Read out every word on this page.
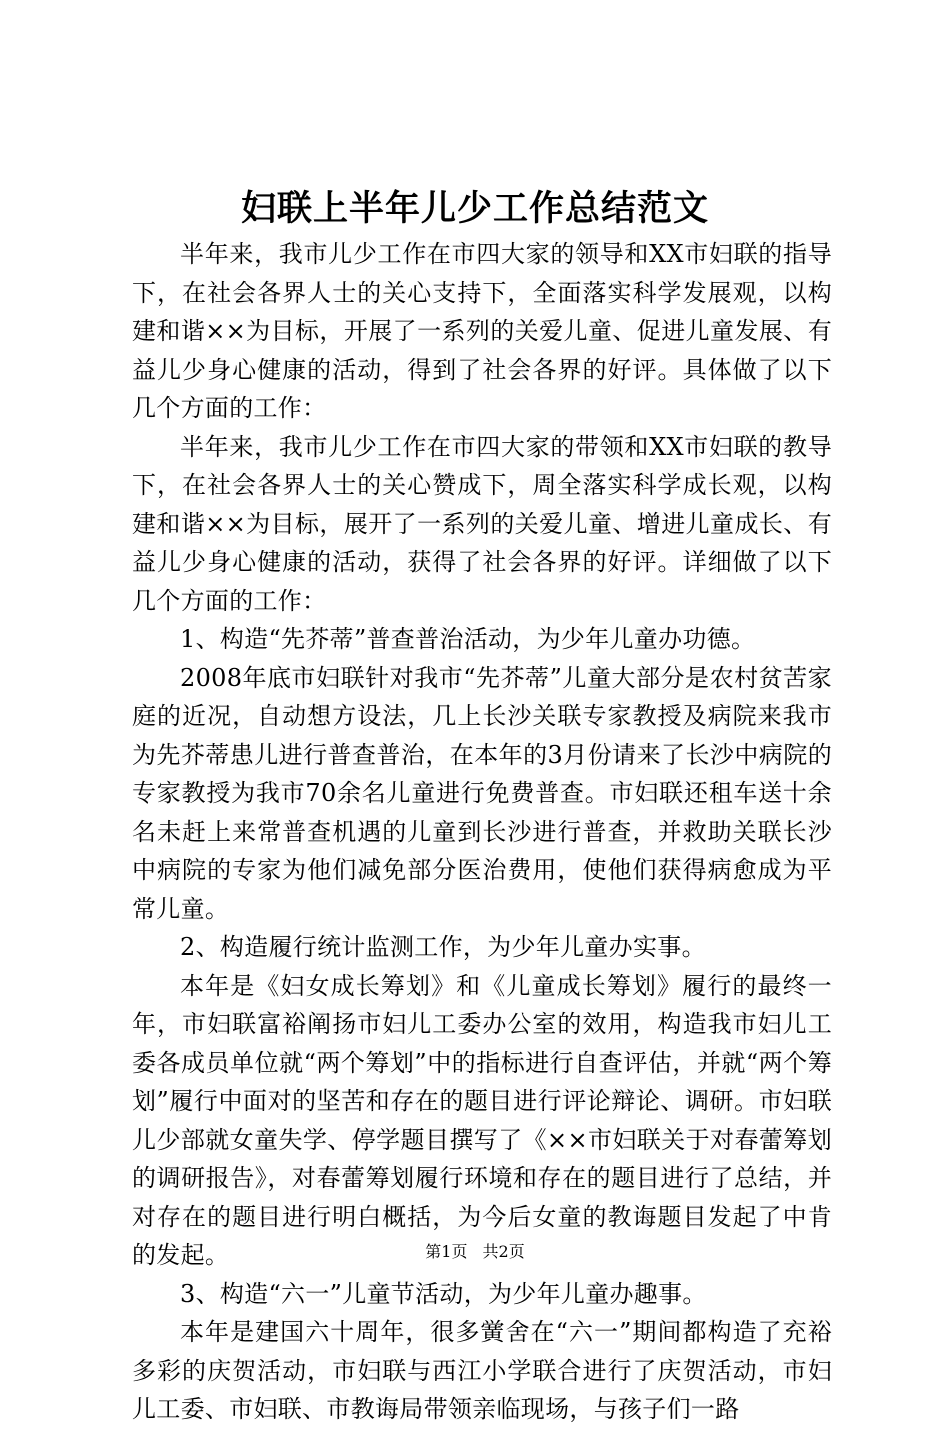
妇联上半年儿少工作总结范文

半年来，我市儿少工作在市四大家的领导和XX市妇联的指导下，在社会各界人士的关心支持下，全面落实科学发展观，以构建和谐××为目标，开展了一系列的关爱儿童、促进儿童发展、有益儿少身心健康的活动，得到了社会各界的好评。具体做了以下几个方面的工作：

半年来，我市儿少工作在市四大家的带领和XX市妇联的教导下，在社会各界人士的关心赞成下，周全落实科学成长观，以构建和谐××为目标，展开了一系列的关爱儿童、增进儿童成长、有益儿少身心健康的活动，获得了社会各界的好评。详细做了以下几个方面的工作：

1、构造“先芥蒂”普查普治活动，为少年儿童办功德。

2008年底市妇联针对我市“先芥蒂”儿童大部分是农村贫苦家庭的近况，自动想方设法，几上长沙关联专家教授及病院来我市为先芥蒂患儿进行普查普治，在本年的3月份请来了长沙中病院的专家教授为我市70余名儿童进行免费普查。市妇联还租车送十余名未赶上来常普查机遇的儿童到长沙进行普查，并救助关联长沙中病院的专家为他们减免部分医治费用，使他们获得病愈成为平常儿童。

2、构造履行统计监测工作，为少年儿童办实事。

本年是《妇女成长筹划》和《儿童成长筹划》履行的最终一年，市妇联富裕阐扬市妇儿工委办公室的效用，构造我市妇儿工委各成员单位就“两个筹划”中的指标进行自查评估，并就“两个筹划”履行中面对的坚苦和存在的题目进行评论辩论、调研。市妇联儿少部就女童失学、停学题目撰写了《××市妇联关于对春蕾筹划的调研报告》，对春蕾筹划履行环境和存在的题目进行了总结，并对存在的题目进行明白概括，为今后女童的教诲题目发起了中肯的发起。

3、构造“六一”儿童节活动，为少年儿童办趣事。

本年是建国六十周年，很多黉舍在“六一”期间都构造了充裕多彩的庆贺活动，市妇联与西江小学联合进行了庆贺活动，市妇儿工委、市妇联、市教诲局带领亲临现场，与孩子们一路

第1页 共2页
